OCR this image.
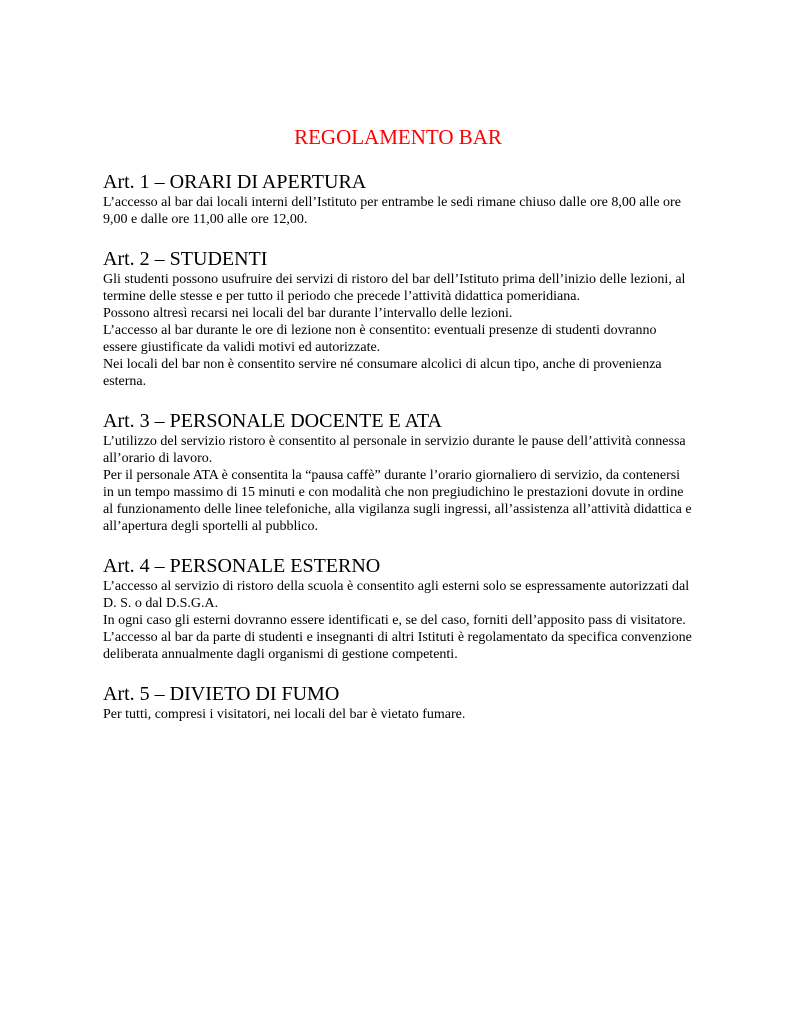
REGOLAMENTO BAR
Art. 1 – ORARI DI APERTURA

L’accesso al bar dai locali interni dell’Istituto per entrambe le sedi rimane chiuso dalle ore 8,00 alle ore 9,00 e dalle ore 11,00 alle ore 12,00.

Art. 2 – STUDENTI

Gli studenti possono usufruire dei servizi di ristoro del bar dell’Istituto prima dell’inizio delle lezioni, al termine delle stesse e per tutto il periodo che precede l’attività didattica pomeridiana.

Possono altresì recarsi nei locali del bar durante l’intervallo delle lezioni.

L’accesso al bar durante le ore di lezione non è consentito: eventuali presenze di studenti dovranno essere giustificate da validi motivi ed autorizzate.

Nei locali del bar non è consentito servire né consumare alcolici di alcun tipo, anche di provenienza esterna.

Art. 3 – PERSONALE DOCENTE E ATA

L’utilizzo del servizio ristoro è consentito al personale in servizio durante le pause dell’attività connessa all’orario di lavoro.

Per il personale ATA è consentita la “pausa caffè” durante l’orario giornaliero di servizio, da contenersi in un tempo massimo di 15 minuti e con modalità che non pregiudichino le prestazioni dovute in ordine al funzionamento delle linee telefoniche, alla vigilanza sugli ingressi, all’assistenza all’attività didattica e all’apertura degli sportelli al pubblico.

Art. 4 – PERSONALE ESTERNO

L’accesso al servizio di ristoro della scuola è consentito agli esterni solo se espressamente autorizzati dal D. S. o dal D.S.G.A.

In ogni caso gli esterni dovranno essere identificati e, se del caso, forniti dell’apposito pass di visitatore.

L’accesso al bar da parte di studenti e insegnanti di altri Istituti è regolamentato da specifica convenzione deliberata annualmente dagli organismi di gestione competenti.

Art. 5 – DIVIETO DI FUMO

Per tutti, compresi i visitatori, nei locali del bar è vietato fumare.
